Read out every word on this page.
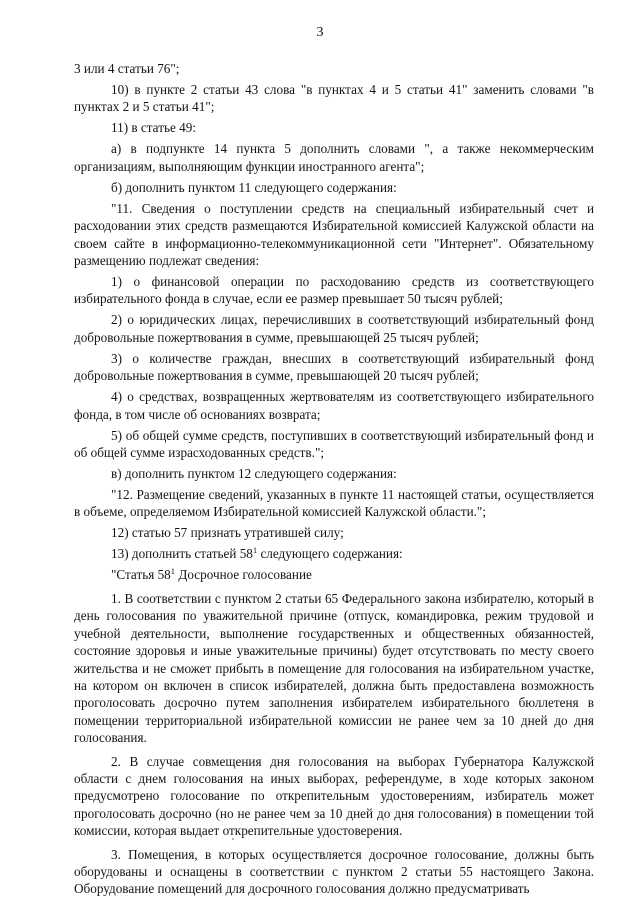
3

3 или 4 статьи 76";

10) в пункте 2 статьи 43 слова "в пунктах 4 и 5 статьи 41" заменить словами "в пунктах 2 и 5 статьи 41";

11) в статье 49:

а) в подпункте 14 пункта 5 дополнить словами ", а также некоммерческим организациям, выполняющим функции иностранного агента";

б) дополнить пунктом 11 следующего содержания:

"11. Сведения о поступлении средств на специальный избирательный счет и расходовании этих средств размещаются Избирательной комиссией Калужской области на своем сайте в информационно-телекоммуникационной сети "Интернет". Обязательному размещению подлежат сведения:

1) о финансовой операции по расходованию средств из соответствующего избирательного фонда в случае, если ее размер превышает 50 тысяч рублей;

2) о юридических лицах, перечисливших в соответствующий избирательный фонд добровольные пожертвования в сумме, превышающей 25 тысяч рублей;

3) о количестве граждан, внесших в соответствующий избирательный фонд добровольные пожертвования в сумме, превышающей 20 тысяч рублей;

4) о средствах, возвращенных жертвователям из соответствующего избирательного фонда, в том числе об основаниях возврата;

5) об общей сумме средств, поступивших в соответствующий избирательный фонд и об общей сумме израсходованных средств.";

в) дополнить пунктом 12 следующего содержания:

"12. Размещение сведений, указанных в пункте 11 настоящей статьи, осуществляется в объеме, определяемом Избирательной комиссией Калужской области.";

12) статью 57 признать утратившей силу;

13) дополнить статьей $58^1$ следующего содержания:

"Статья $58^1$ Досрочное голосование

1. В соответствии с пунктом 2 статьи 65 Федерального закона избирателю, который в день голосования по уважительной причине (отпуск, командировка, режим трудовой и учебной деятельности, выполнение государственных и общественных обязанностей, состояние здоровья и иные уважительные причины) будет отсутствовать по месту своего жительства и не сможет прибыть в помещение для голосования на избирательном участке, на котором он включен в список избирателей, должна быть предоставлена возможность проголосовать досрочно путем заполнения избирателем избирательного бюллетеня в помещении территориальной избирательной комиссии не ранее чем за 10 дней до дня голосования.

2. В случае совмещения дня голосования на выборах Губернатора Калужской области с днем голосования на иных выборах, референдуме, в ходе которых законом предусмотрено голосование по открепительным удостоверениям, избиратель может проголосовать досрочно (но не ранее чем за 10 дней до дня голосования) в помещении той комиссии, которая выдает открепительные удостоверения.

3. Помещения, в которых осуществляется досрочное голосование, должны быть оборудованы и оснащены в соответствии с пунктом 2 статьи 55 настоящего Закона. Оборудование помещений для досрочного голосования должно предусматривать
